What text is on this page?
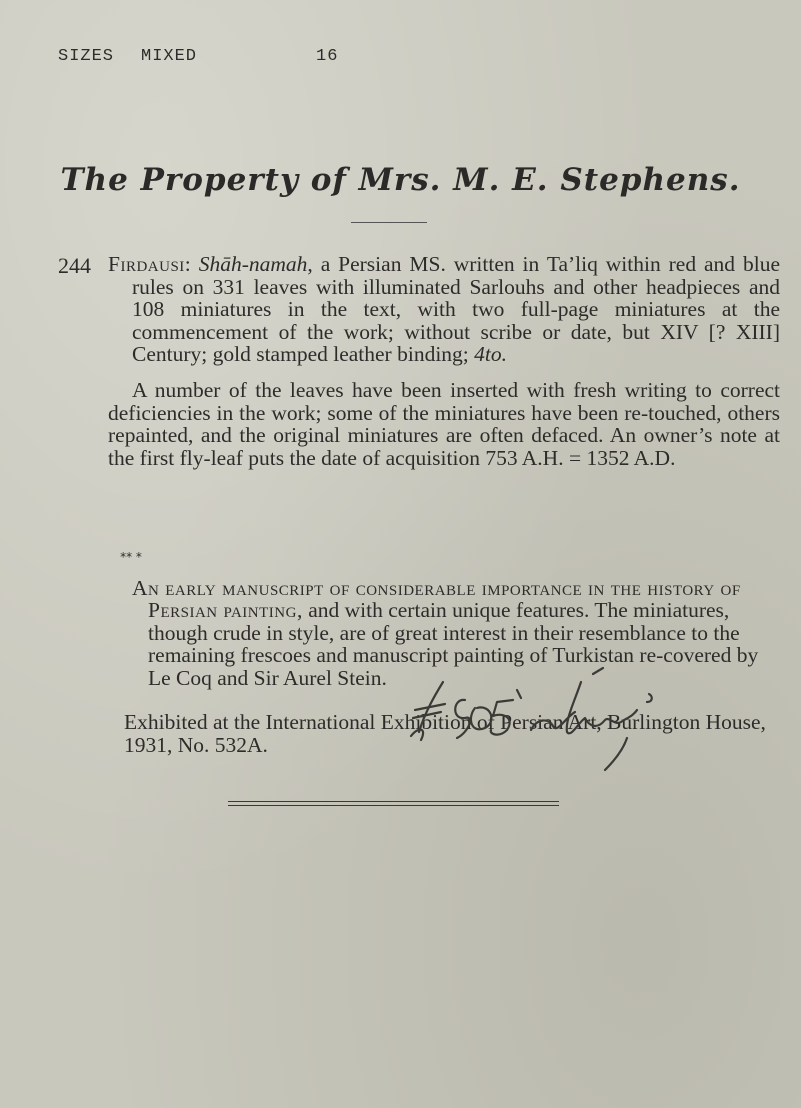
SIZES MIXED	16
The Property of Mrs. M. E. Stephens.
244 Firdausi: Shāh-namah, a Persian MS. written in Ta’liq within red and blue rules on 331 leaves with illuminated Sarlouhs and other headpieces and 108 miniatures in the text, with two full-page miniatures at the commencement of the work; without scribe or date, but XIV [? XIII] Century; gold stamped leather binding; 4to.

A number of the leaves have been inserted with fresh writing to correct deficiencies in the work; some of the miniatures have been re-touched, others repainted, and the original miniatures are often defaced. An owner’s note at the first fly-leaf puts the date of acquisition 753 A.H. = 1352 A.D.

** *

An early manuscript of considerable importance in the history of Persian painting, and with certain unique features. The miniatures, though crude in style, are of great interest in their resemblance to the remaining frescoes and manuscript painting of Turkistan re-covered by Le Coq and Sir Aurel Stein.

Exhibited at the International Exhibition of Persian Art, Burlington House, 1931, No. 532A.
